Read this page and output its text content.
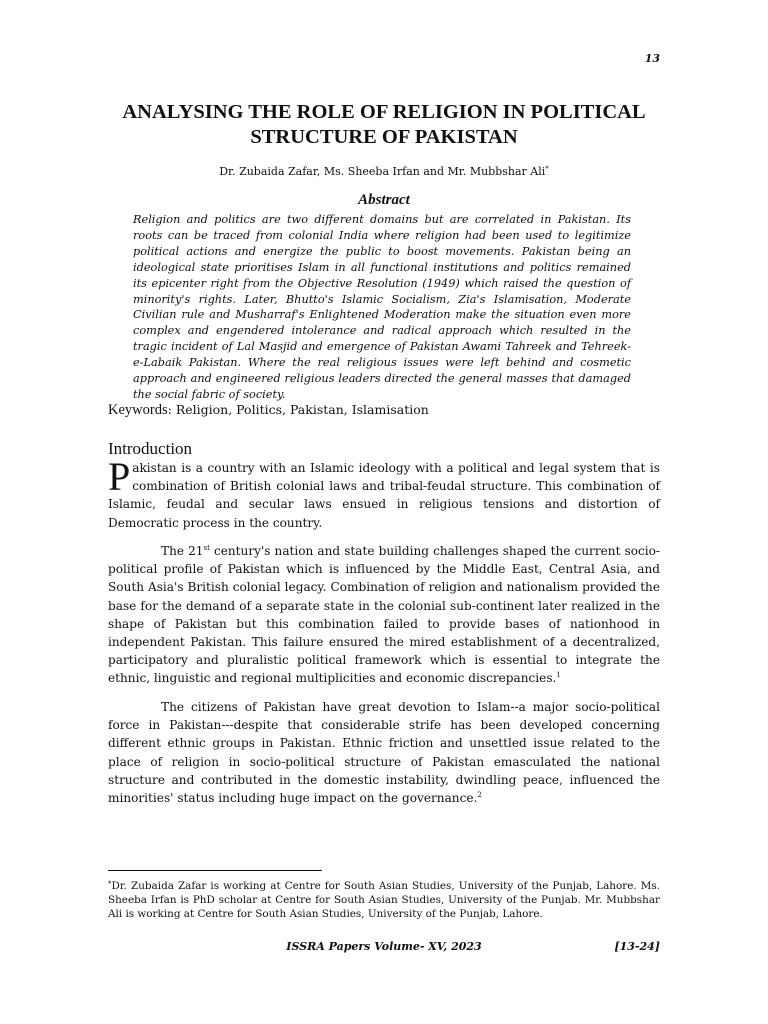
13
ANALYSING THE ROLE OF RELIGION IN POLITICAL STRUCTURE OF PAKISTAN
Dr. Zubaida Zafar, Ms. Sheeba Irfan and Mr. Mubbshar Ali*
Abstract

Religion and politics are two different domains but are correlated in Pakistan. Its roots can be traced from colonial India where religion had been used to legitimize political actions and energize the public to boost movements. Pakistan being an ideological state prioritises Islam in all functional institutions and politics remained its epicenter right from the Objective Resolution (1949) which raised the question of minority's rights. Later, Bhutto's Islamic Socialism, Zia's Islamisation, Moderate Civilian rule and Musharraf's Enlightened Moderation make the situation even more complex and engendered intolerance and radical approach which resulted in the tragic incident of Lal Masjid and emergence of Pakistan Awami Tahreek and Tehreek-e-Labaik Pakistan. Where the real religious issues were left behind and cosmetic approach and engineered religious leaders directed the general masses that damaged the social fabric of society.

Keywords: Religion, Politics, Pakistan, Islamisation
Introduction

Pakistan is a country with an Islamic ideology with a political and legal system that is combination of British colonial laws and tribal-feudal structure. This combination of Islamic, feudal and secular laws ensued in religious tensions and distortion of Democratic process in the country.

The 21st century's nation and state building challenges shaped the current socio-political profile of Pakistan which is influenced by the Middle East, Central Asia, and South Asia's British colonial legacy. Combination of religion and nationalism provided the base for the demand of a separate state in the colonial sub-continent later realized in the shape of Pakistan but this combination failed to provide bases of nationhood in independent Pakistan. This failure ensured the mired establishment of a decentralized, participatory and pluralistic political framework which is essential to integrate the ethnic, linguistic and regional multiplicities and economic discrepancies.$^1$

The citizens of Pakistan have great devotion to Islam--a major socio-political force in Pakistan---despite that considerable strife has been developed concerning different ethnic groups in Pakistan. Ethnic friction and unsettled issue related to the place of religion in socio-political structure of Pakistan emasculated the national structure and contributed in the domestic instability, dwindling peace, influenced the minorities' status including huge impact on the governance.$^2$

*Dr. Zubaida Zafar is working at Centre for South Asian Studies, University of the Punjab, Lahore. Ms. Sheeba Irfan is PhD scholar at Centre for South Asian Studies, University of the Punjab. Mr. Mubbshar Ali is working at Centre for South Asian Studies, University of the Punjab, Lahore.

ISSRA Papers Volume- XV, 2023	[13-24]
